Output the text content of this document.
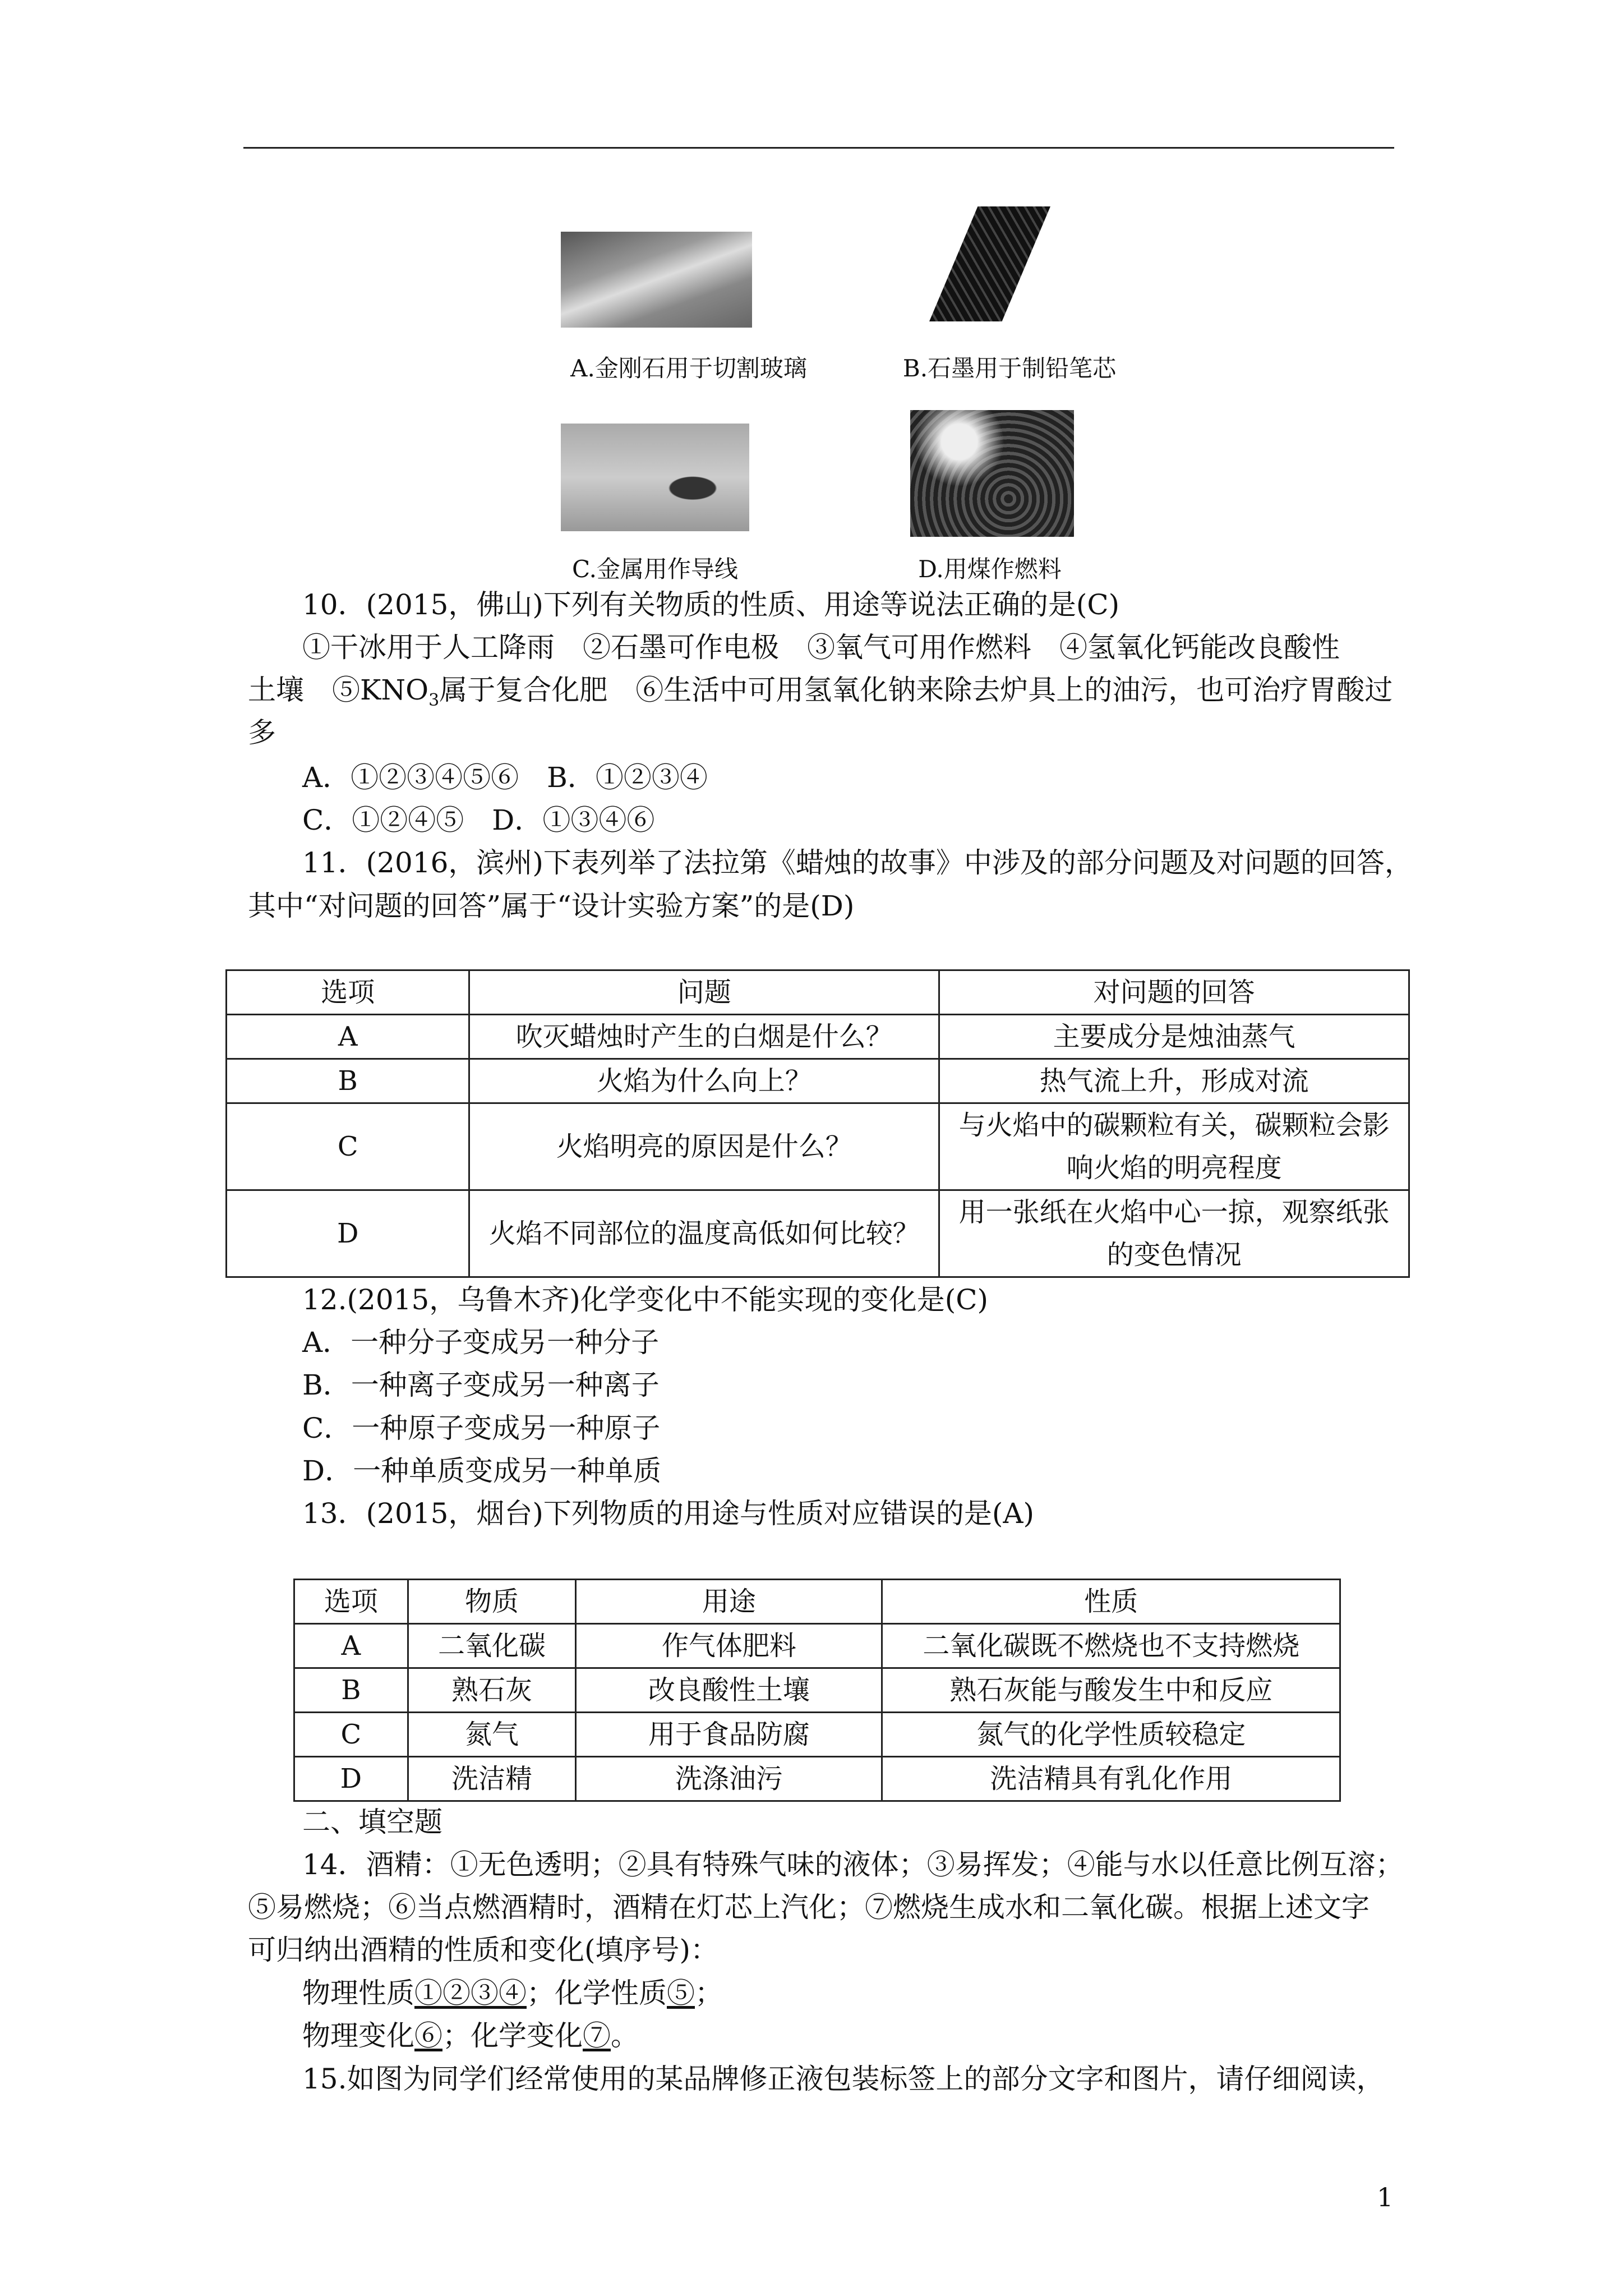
A.金刚石用于切割玻璃	B.石墨用于制铅笔芯
C.金属用作导线	D.用煤作燃料
10．(2015，佛山)下列有关物质的性质、用途等说法正确的是(C)
①干冰用于人工降雨　②石墨可作电极　③氧气可用作燃料　④氢氧化钙能改良酸性
土壤　$⑤KNO_3$属于复合化肥　⑥生活中可用氢氧化钠来除去炉具上的油污，也可治疗胃酸过
多
A．①②③④⑤⑥　B．①②③④
C．①②④⑤　D．①③④⑥
11．(2016，滨州)下表列举了法拉第《蜡烛的故事》中涉及的部分问题及对问题的回答，
其中“对问题的回答”属于“设计实验方案”的是(D)
选项	问题	对问题的回答
A	吹灭蜡烛时产生的白烟是什么？	主要成分是烛油蒸气
B	火焰为什么向上？	热气流上升，形成对流
C	火焰明亮的原因是什么？	与火焰中的碳颗粒有关，碳颗粒会影响火焰的明亮程度
D	火焰不同部位的温度高低如何比较？	用一张纸在火焰中心一掠，观察纸张的变色情况
12.(2015，乌鲁木齐)化学变化中不能实现的变化是(C)
A．一种分子变成另一种分子
B．一种离子变成另一种离子
C．一种原子变成另一种原子
D．一种单质变成另一种单质
13．(2015，烟台)下列物质的用途与性质对应错误的是(A)
选项	物质	用途	性质
A	二氧化碳	作气体肥料	二氧化碳既不燃烧也不支持燃烧
B	熟石灰	改良酸性土壤	熟石灰能与酸发生中和反应
C	氮气	用于食品防腐	氮气的化学性质较稳定
D	洗洁精	洗涤油污	洗洁精具有乳化作用
二、填空题
14．酒精：①无色透明；②具有特殊气味的液体；③易挥发；④能与水以任意比例互溶；
⑤易燃烧；⑥当点燃酒精时，酒精在灯芯上汽化；⑦燃烧生成水和二氧化碳。根据上述文字
可归纳出酒精的性质和变化(填序号)：
物理性质①②③④；化学性质⑤；
物理变化⑥；化学变化⑦。
15.如图为同学们经常使用的某品牌修正液包装标签上的部分文字和图片，请仔细阅读，
1
